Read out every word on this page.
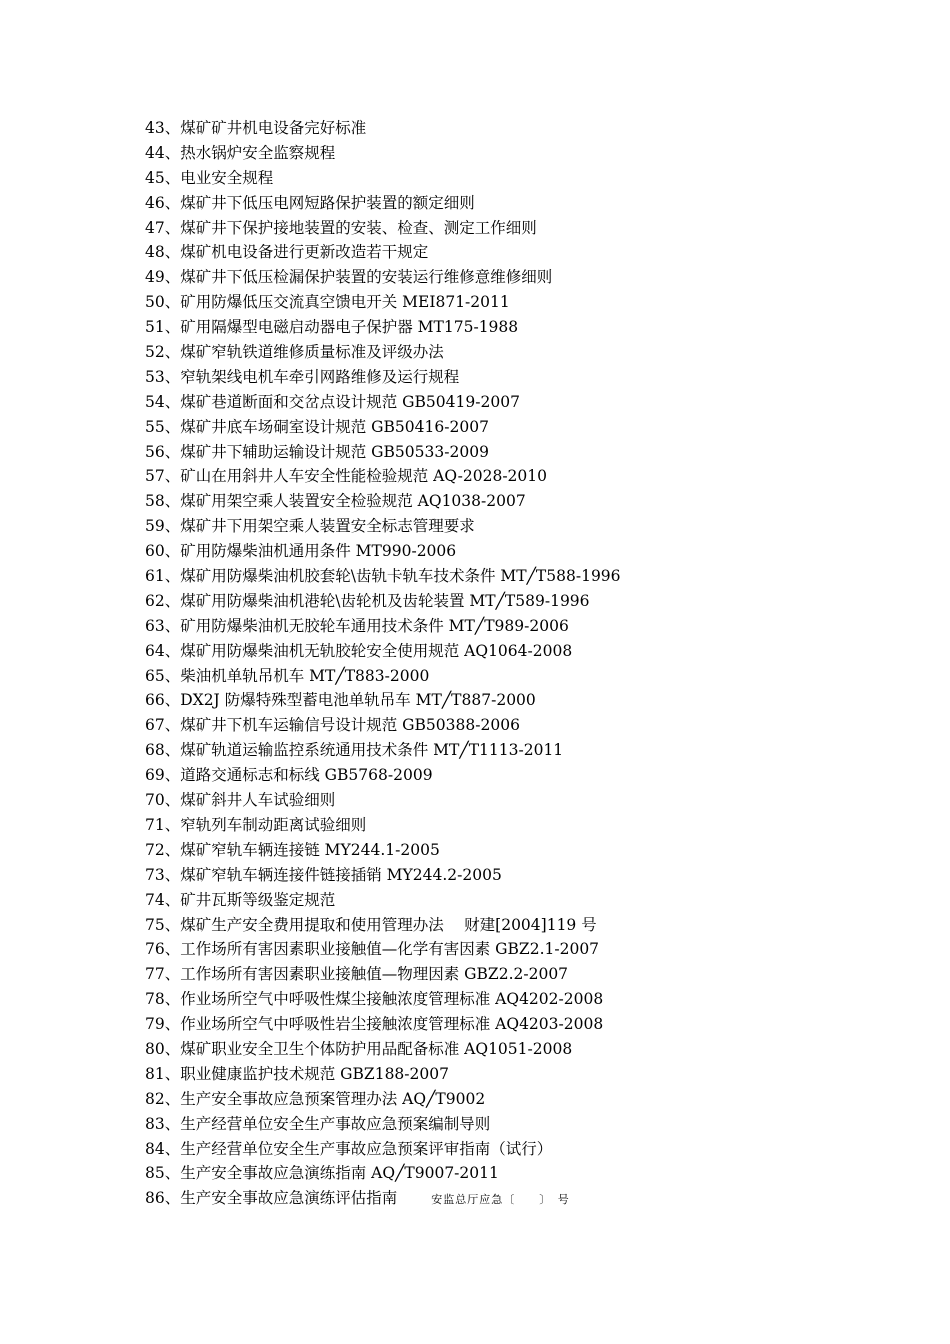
43、煤矿矿井机电设备完好标准
44、热水锅炉安全监察规程
45、电业安全规程
46、煤矿井下低压电网短路保护装置的额定细则
47、煤矿井下保护接地装置的安装、检查、测定工作细则
48、煤矿机电设备进行更新改造若干规定
49、煤矿井下低压检漏保护装置的安装运行维修意维修细则
50、矿用防爆低压交流真空馈电开关 MEI871-2011
51、矿用隔爆型电磁启动器电子保护器 MT175-1988
52、煤矿窄轨铁道维修质量标准及评级办法
53、窄轨架线电机车牵引网路维修及运行规程
54、煤矿巷道断面和交岔点设计规范 GB50419-2007
55、煤矿井底车场硐室设计规范 GB50416-2007
56、煤矿井下辅助运输设计规范 GB50533-2009
57、矿山在用斜井人车安全性能检验规范 AQ-2028-2010
58、煤矿用架空乘人装置安全检验规范 AQ1038-2007
59、煤矿井下用架空乘人装置安全标志管理要求
60、矿用防爆柴油机通用条件 MT990-2006
61、煤矿用防爆柴油机胶套轮\齿轨卡轨车技术条件 MT╱T588-1996
62、煤矿用防爆柴油机港轮\齿轮机及齿轮装置 MT╱T589-1996
63、矿用防爆柴油机无胶轮车通用技术条件 MT╱T989-2006
64、煤矿用防爆柴油机无轨胶轮安全使用规范 AQ1064-2008
65、柴油机单轨吊机车 MT╱T883-2000
66、DX2J 防爆特殊型蓄电池单轨吊车 MT╱T887-2000
67、煤矿井下机车运输信号设计规范 GB50388-2006
68、煤矿轨道运输监控系统通用技术条件 MT╱T1113-2011
69、道路交通标志和标线 GB5768-2009
70、煤矿斜井人车试验细则
71、窄轨列车制动距离试验细则
72、煤矿窄轨车辆连接链 MY244.1-2005
73、煤矿窄轨车辆连接件链接插销 MY244.2-2005
74、矿井瓦斯等级鉴定规范
75、煤矿生产安全费用提取和使用管理办法　 财建[2004]119 号
76、工作场所有害因素职业接触值—化学有害因素 GBZ2.1-2007
77、工作场所有害因素职业接触值—物理因素 GBZ2.2-2007
78、作业场所空气中呼吸性煤尘接触浓度管理标准 AQ4202-2008
79、作业场所空气中呼吸性岩尘接触浓度管理标准 AQ4203-2008
80、煤矿职业安全卫生个体防护用品配备标准 AQ1051-2008
81、职业健康监护技术规范 GBZ188-2007
82、生产安全事故应急预案管理办法 AQ╱T9002
83、生产经营单位安全生产事故应急预案编制导则
84、生产经营单位安全生产事故应急预案评审指南（试行）
85、生产安全事故应急演练指南 AQ╱T9007-2011
86、生产安全事故应急演练评估指南	安监总厅应急〔　　〕　号
